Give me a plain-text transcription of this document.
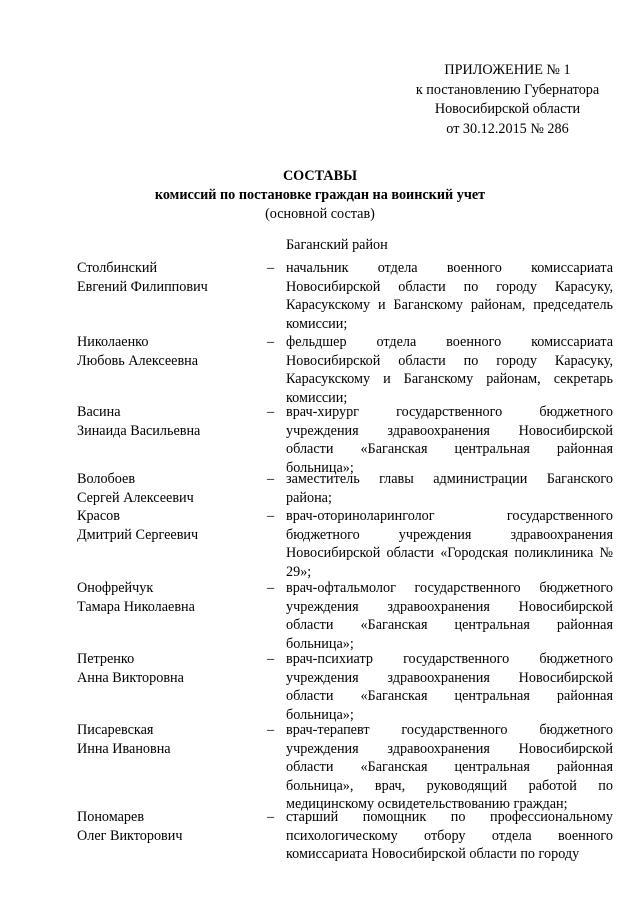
ПРИЛОЖЕНИЕ № 1
к постановлению Губернатора
Новосибирской области
от 30.12.2015 № 286
СОСТАВЫ
комиссий по постановке граждан на воинский учет
(основной состав)
Баганский район
Столбинский
Евгений Филиппович
– начальник отдела военного комиссариата Новосибирской области по городу Карасуку, Карасукскому и Баганскому районам, председатель комиссии;
Николаенко
Любовь Алексеевна
– фельдшер отдела военного комиссариата Новосибирской области по городу Карасуку, Карасукскому и Баганскому районам, секретарь комиссии;
Васина
Зинаида Васильевна
– врач-хирург государственного бюджетного учреждения здравоохранения Новосибирской области «Баганская центральная районная больница»;
Волобоев
Сергей Алексеевич
– заместитель главы администрации Баганского района;
Красов
Дмитрий Сергеевич
– врач-оториноларинголог государственного бюджетного учреждения здравоохранения Новосибирской области «Городская поликлиника № 29»;
Онофрейчук
Тамара Николаевна
– врач-офтальмолог государственного бюджетного учреждения здравоохранения Новосибирской области «Баганская центральная районная больница»;
Петренко
Анна Викторовна
– врач-психиатр государственного бюджетного учреждения здравоохранения Новосибирской области «Баганская центральная районная больница»;
Писаревская
Инна Ивановна
– врач-терапевт государственного бюджетного учреждения здравоохранения Новосибирской области «Баганская центральная районная больница», врач, руководящий работой по медицинскому освидетельствованию граждан;
Пономарев
Олег Викторович
– старший помощник по профессиональному психологическому отбору отдела военного комиссариата Новосибирской области по городу
